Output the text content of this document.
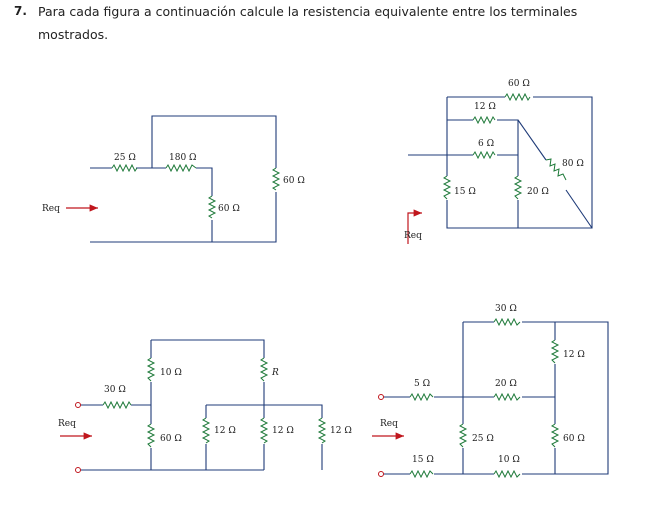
7. Para cada figura a continuación calcule la resistencia equivalente entre los terminales
mostrados.
Req
25 Ω	180 Ω
60 Ω
60 Ω
Req
60 Ω
12 Ω
6 Ω
80 Ω
15 Ω	20 Ω
Req
30 Ω
10 Ω	R
60 Ω
12 Ω	12 Ω	12 Ω
Req
30 Ω
12 Ω
5 Ω	20 Ω
25 Ω	60 Ω
15 Ω	10 Ω
